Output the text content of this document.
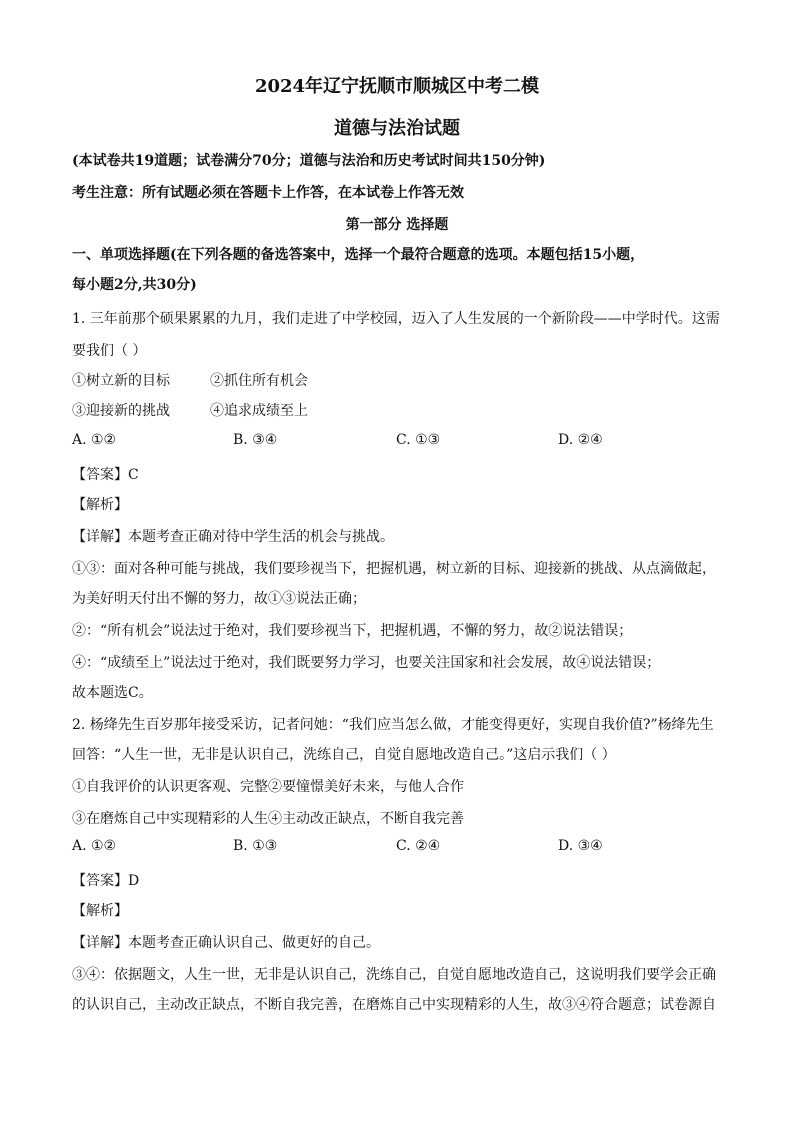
2024年辽宁抚顺市顺城区中考二模
道德与法治试题
(本试卷共19道题；试卷满分70分；道德与法治和历史考试时间共150分钟)
考生注意：所有试题必须在答题卡上作答，在本试卷上作答无效
第一部分 选择题
一、单项选择题(在下列各题的备选答案中，选择一个最符合题意的选项。本题包括15小题，
每小题2分,共30分)
1. 三年前那个硕果累累的九月，我们走进了中学校园，迈入了人生发展的一个新阶段——中学时代。这需
要我们（ ）
①树立新的目标	②抓住所有机会
③迎接新的挑战	④追求成绩至上
A. ①②	B. ③④	C. ①③	D. ②④
【答案】C
【解析】
【详解】本题考查正确对待中学生活的机会与挑战。
①③：面对各种可能与挑战，我们要珍视当下，把握机遇，树立新的目标、迎接新的挑战、从点滴做起，
为美好明天付出不懈的努力，故①③说法正确；
②：“所有机会”说法过于绝对，我们要珍视当下，把握机遇，不懈的努力，故②说法错误；
④：“成绩至上”说法过于绝对，我们既要努力学习，也要关注国家和社会发展，故④说法错误；
故本题选C。
2. 杨绛先生百岁那年接受采访，记者问她：“我们应当怎么做，才能变得更好，实现自我价值?”杨绛先生
回答：“人生一世，无非是认识自己，洗练自己，自觉自愿地改造自己。”这启示我们（ ）
①自我评价的认识更客观、完整②要憧憬美好未来，与他人合作
③在磨炼自己中实现精彩的人生④主动改正缺点，不断自我完善
A. ①②	B. ①③	C. ②④	D. ③④
【答案】D
【解析】
【详解】本题考查正确认识自己、做更好的自己。
③④：依据题文，人生一世，无非是认识自己，洗练自己，自觉自愿地改造自己，这说明我们要学会正确
的认识自己，主动改正缺点，不断自我完善，在磨炼自己中实现精彩的人生，故③④符合题意；试卷源自
